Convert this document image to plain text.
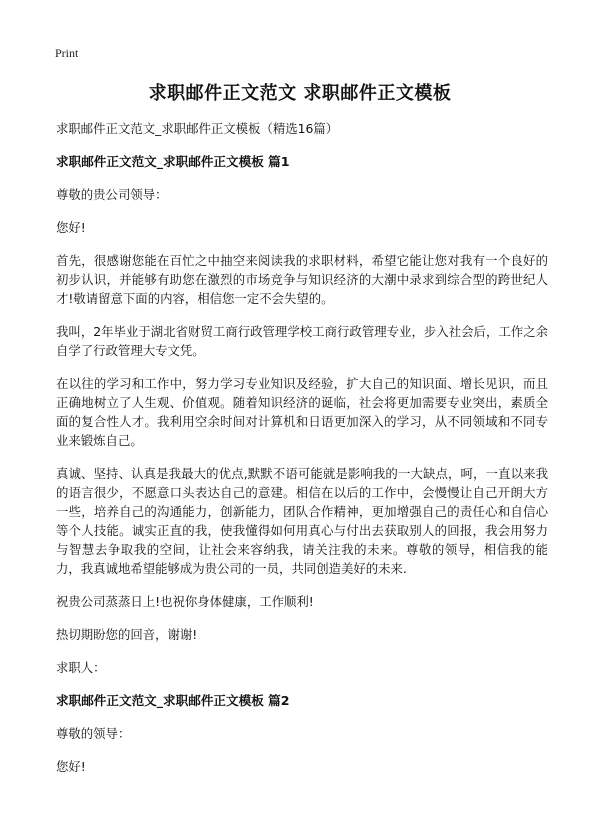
Print
求职邮件正文范文 求职邮件正文模板

求职邮件正文范文_求职邮件正文模板（精选16篇）

求职邮件正文范文_求职邮件正文模板 篇1

尊敬的贵公司领导：

您好!

首先，很感谢您能在百忙之中抽空来阅读我的求职材料，希望它能让您对我有一个良好的初步认识，并能够有助您在激烈的市场竞争与知识经济的大潮中录求到综合型的跨世纪人才!敬请留意下面的内容，相信您一定不会失望的。

我叫，2年毕业于湖北省财贸工商行政管理学校工商行政管理专业，步入社会后，工作之余自学了行政管理大专文凭。

在以往的学习和工作中，努力学习专业知识及经验，扩大自己的知识面、增长见识，而且正确地树立了人生观、价值观。随着知识经济的诞临，社会将更加需要专业突出，素质全面的复合性人才。我利用空余时间对计算机和日语更加深入的学习，从不同领域和不同专业来锻炼自己。

真诚、坚持、认真是我最大的优点,默默不语可能就是影响我的一大缺点，呵，一直以来我的语言很少，不愿意口头表达自己的意建。相信在以后的工作中，会慢慢让自己开朗大方一些，培养自己的沟通能力，创新能力，团队合作精神，更加增强自己的责任心和自信心等个人技能。诚实正直的我，使我懂得如何用真心与付出去获取别人的回报，我会用努力与智慧去争取我的空间，让社会来容纳我，请关注我的未来。尊敬的领导，相信我的能力，我真诚地希望能够成为贵公司的一员，共同创造美好的未来.

祝贵公司蒸蒸日上!也祝你身体健康，工作顺利!

热切期盼您的回音，谢谢!

求职人：

求职邮件正文范文_求职邮件正文模板 篇2

尊敬的领导：

您好!
